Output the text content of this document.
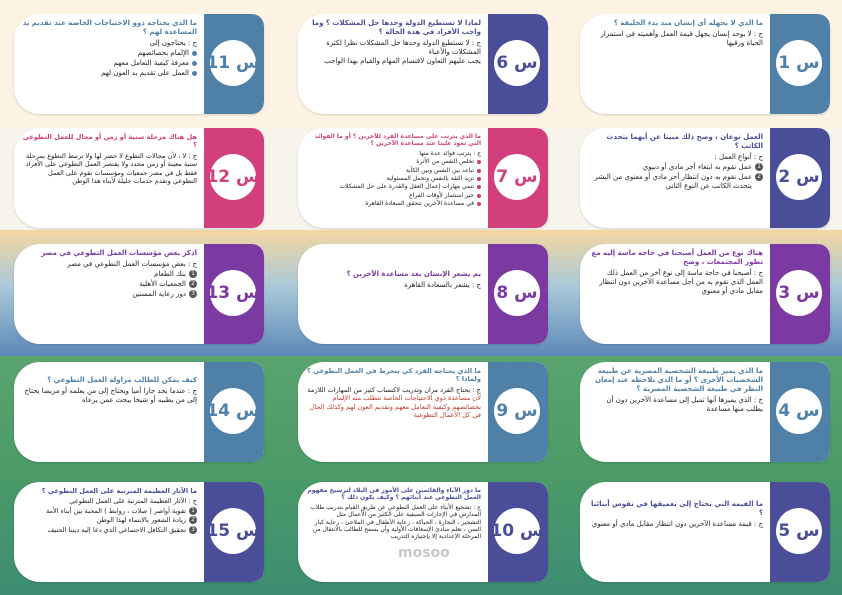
س 1
ما الذي لا يجهله أي إنسان منذ بدء الخليقة ؟
ج : لا يوجد إنسان يجهل قيمة العمل وأهميته في استمرار الحياة ورقيها
س 6
لماذا لا تستطيع الدولة وحدها حل المشكلات ؟ وما واجب الأفراد في هذه الحالة ؟
ج : لا تستطيع الدولة وحدها حل المشكلات نظرا لكثرة المشكلات والأعباء
يجب عليهم التعاون لاقتسام المهام والقيام بهذا الواجب
س 11
ما الذي يحتاجه ذوو الاحتياجات الخاصة عند تقديم يد المساعدة لهم ؟
ج : يحتاجون إلى
الإلمام بخصائصهم
معرفة كيفية التعامل معهم
العمل على تقديم يد العون لهم
س 2
العمل نوعان ، وضح ذلك مبينا عن أيهما يتحدث الكاتب ؟
ج : أنواع العمل :
1
عمل نقوم به ابتغاء أجر مادي أو دنيوي
2
عمل نقوم به دون انتظار أجر مادي أو معنوي من البشر يتحدث الكاتب عن النوع الثاني
س 7
ما الذي يترتب على مساعدة الفرد للآخرين ؟ أو ما الفوائد التي تعود علينا عند مساعدة الآخرين ؟
ج : يترتب فوائد عدة منها
تخلص النفس من الأثرة
تباعد بين النفس وبين الكآبة
تزيد الثقة بالنفس وتحمل المسئولية
تنمي مهارات إعمال العقل والقدرة على حل المشكلات
خير استثمار لأوقات الفراغ
في مساعدة الآخرين تتحقق السعادة القاهرة
س 12
هل هناك مرحلة سنية أو زمن أو مجال للعمل التطوعي ؟
ج : لا ، لأن مجالات التطوع لا حصر لها ولا ترتبط التطوع بمرحلة سنية معينة أو زمن محدد ولا يقتصر العمل التطوعي على الأفراد فقط بل في مصر جمعيات ومؤسسات تقوم على العمل التطوعي وتقدم خدمات جليلة لأبناء هذا الوطن
س 3
هناك نوع من العمل أصبحنا في حاجة ماسة إليه مع تطور المجتمعات ، وضح
ج : أصبحنا في حاجة ماسة إلى نوع آخر من العمل ذلك العمل الذي نقوم به من أجل مساعدة الآخرين دون انتظار مقابل مادي أو معنوي
س 8
بم يشعر الإنسان بعد مساعدة الآخرين ؟
ج : يشعر بالسعادة القاهرة
س 13
اذكر بعض مؤسسات العمل التطوعي في مصر
ج : بعض مؤسسات العمل التطوعي في مصر
1
بنك الطعام
2
الجمعيات الأهلية
3
دور رعاية المسنين
س 4
ما الذي يميز طبيعة الشخصية المصرية عن طبيعة الشخصيات الأخرى ؟ أو ما الذي تلاحظه عند إمعان النظر في طبيعة الشخصية المصرية ؟
ج : الذي يميزها أنها تميل إلى مساعدة الآخرين دون أن يطلب منها مساعدة
س 9
ما الذي يحتاجه الفرد كي ينخرط في العمل التطوعي ؟ ولماذا ؟
ج : يحتاج الفرد مران وتدريب لاكتساب كثير من المهارات اللازمة
لأن مساعدة ذوي الاحتياجات الخاصة تتطلب منه الإلمام بخصائصهم وكيفية التعامل معهم وتقديم العون لهم وكذلك الحال في كل الأعمال التطوعية
س 14
كيف يمكن للطالب مزاولة العمل التطوعي ؟
ج : عندما يجد جارا أميا ويحتاج إلى من يعلمه أو مريضا يحتاج إلى من يطببه أو شيخا يبحث عمن يرعاه
س 5
ما القيمة التي نحتاج إلى تعميقها في نفوس أبنائنا ؟
ج : قيمة مساعدة الآخرين دون انتظار مقابل مادي أو معنوي
س 10
ما دور الآباء والقائمين على الأمور في البلاد لترسيخ مفهوم العمل التطوعي عند أبنائهم ؟ وكيف يكون ذلك ؟
ج : تشجيع الأبناء على العمل التطوعي عن طريق القيام بتدريب طلاب المدارس في الإجازات الصيفية على الكثير من الأعمال مثل
التشجير ، النجارة ، الحياكة ، رعاية الأطفال في الملاجئ ، رعاية كبار السن ، تعلم مبادئ الإسعافات الأولية وأن يسمح للطالب بالانتقال من المرحلة الإعدادية إلا بإجتيازه التدريب
س 15
ما الآثار العظيمة المترتبة على العمل التطوعي ؟
ج : الآثار العظيمة المترتبة على العمل التطوعي
1
تقوية أواصر ( صلات ، روابط ) المحبة بين أبناء الأمة
2
زيادة الشعور بالانتماء لهذا الوطن
3
تحقيق التكافل الاجتماعي الذي دعا إليه ديننا الحنيف
mosoo
